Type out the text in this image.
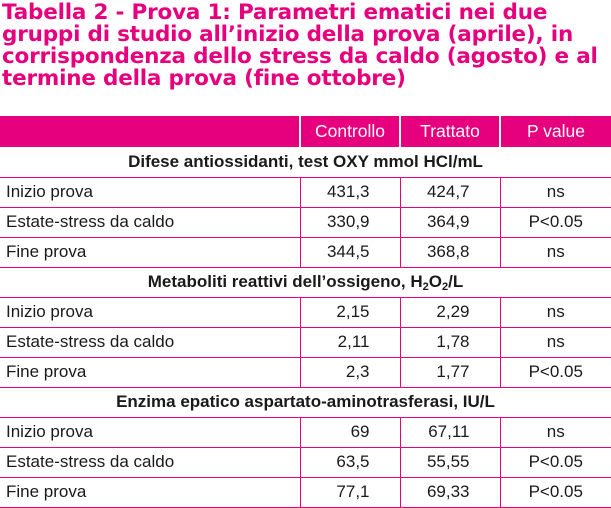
Tabella 2 - Prova 1: Parametri ematici nei due
gruppi di studio all’inizio della prova (aprile), in
corrispondenza dello stress da caldo (agosto) e al
termine della prova (fine ottobre)
	Controllo	Trattato	P value
Difese antiossidanti, test OXY mmol HCl/mL			
Inizio prova	431,3	424,7	ns
Estate-stress da caldo	330,9	364,9	P<0.05
Fine prova	344,5	368,8	ns
Metaboliti reattivi dell’ossigeno, $H_2O_2/L$			
Inizio prova	2,15	2,29	ns
Estate-stress da caldo	2,11	1,78	ns
Fine prova	2,3	1,77	P<0.05
Enzima epatico aspartato-aminotrasferasi, IU/L			
Inizio prova	69	67,11	ns
Estate-stress da caldo	63,5	55,55	P<0.05
Fine prova	77,1	69,33	P<0.05
